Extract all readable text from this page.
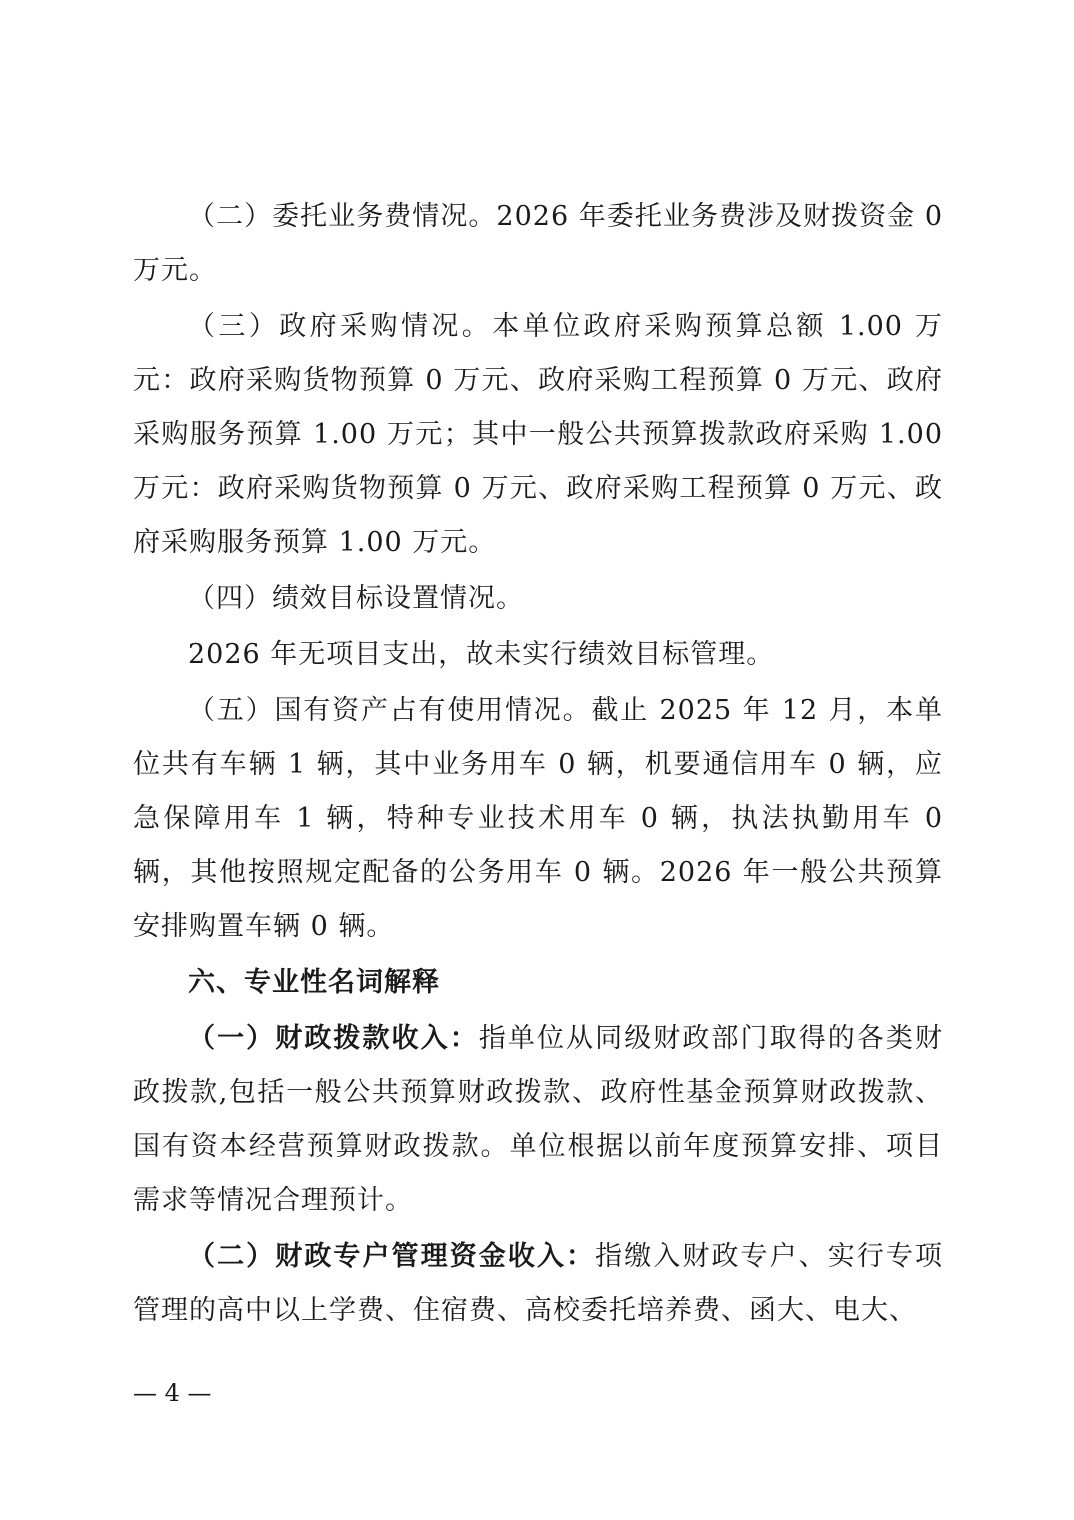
（二）委托业务费情况。2026 年委托业务费涉及财拨资金 0 万元。

（三）政府采购情况。本单位政府采购预算总额 1.00 万元：政府采购货物预算 0 万元、政府采购工程预算 0 万元、政府采购服务预算 1.00 万元；其中一般公共预算拨款政府采购 1.00 万元：政府采购货物预算 0 万元、政府采购工程预算 0 万元、政府采购服务预算 1.00 万元。

（四）绩效目标设置情况。

2026 年无项目支出，故未实行绩效目标管理。

（五）国有资产占有使用情况。截止 2025 年 12 月，本单位共有车辆 1 辆，其中业务用车 0 辆，机要通信用车 0 辆，应急保障用车 1 辆，特种专业技术用车 0 辆，执法执勤用车 0 辆，其他按照规定配备的公务用车 0 辆。2026 年一般公共预算安排购置车辆 0 辆。

六、专业性名词解释

（一）财政拨款收入：指单位从同级财政部门取得的各类财政拨款,包括一般公共预算财政拨款、政府性基金预算财政拨款、国有资本经营预算财政拨款。单位根据以前年度预算安排、项目需求等情况合理预计。

（二）财政专户管理资金收入：指缴入财政专户、实行专项管理的高中以上学费、住宿费、高校委托培养费、函大、电大、

— 4 —
